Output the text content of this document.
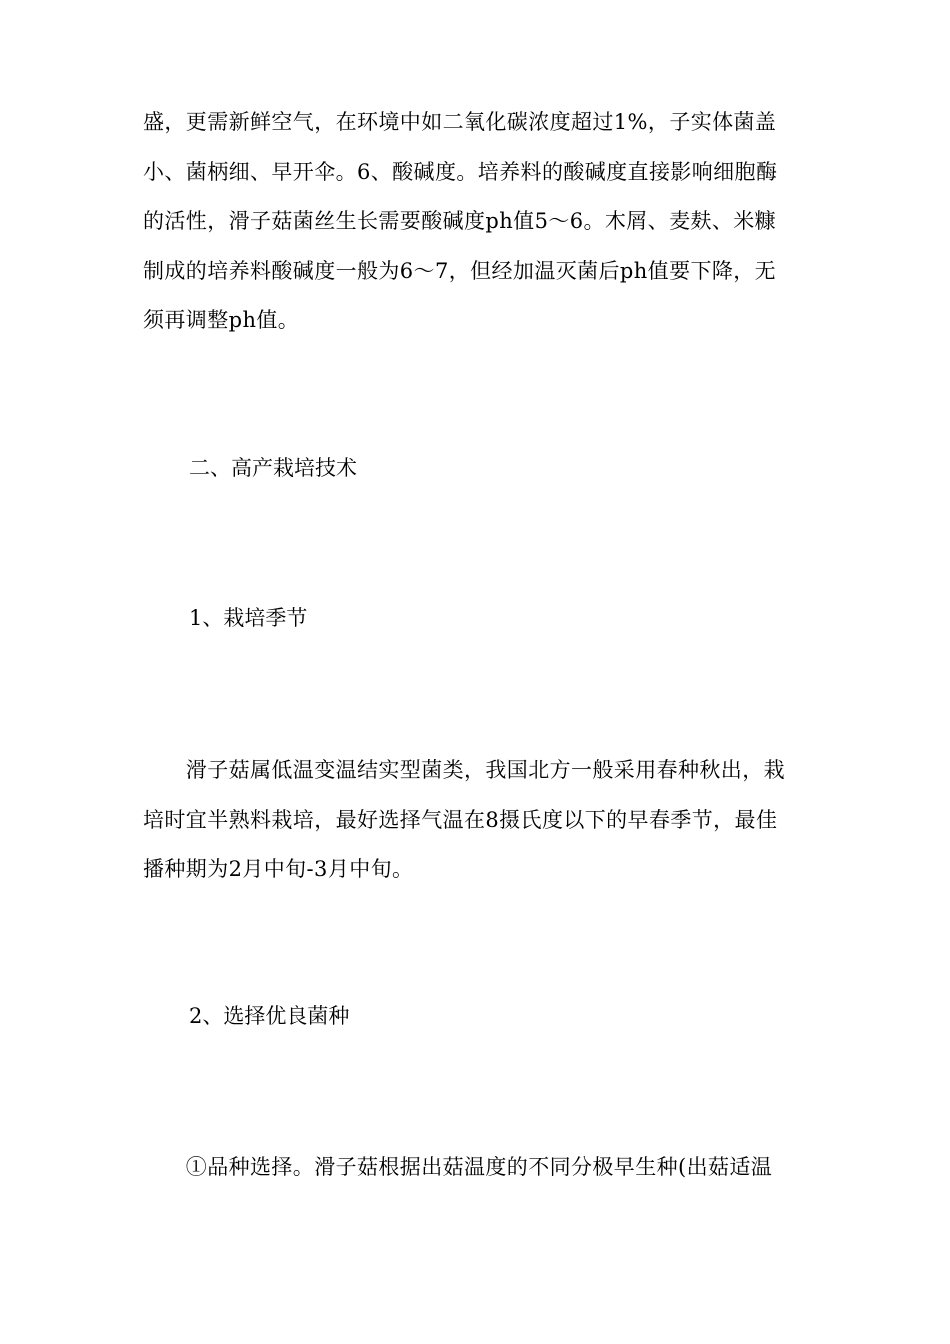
盛，更需新鲜空气，在环境中如二氧化碳浓度超过1%，子实体菌盖
小、菌柄细、早开伞。6、酸碱度。培养料的酸碱度直接影响细胞酶
的活性，滑子菇菌丝生长需要酸碱度ph值5～6。木屑、麦麸、米糠
制成的培养料酸碱度一般为6～7，但经加温灭菌后ph值要下降，无
须再调整ph值。
二、高产栽培技术
1、栽培季节
　　滑子菇属低温变温结实型菌类，我国北方一般采用春种秋出，栽
培时宜半熟料栽培，最好选择气温在8摄氏度以下的早春季节，最佳
播种期为2月中旬-3月中旬。
2、选择优良菌种
　　①品种选择。滑子菇根据出菇温度的不同分极早生种(出菇适温
